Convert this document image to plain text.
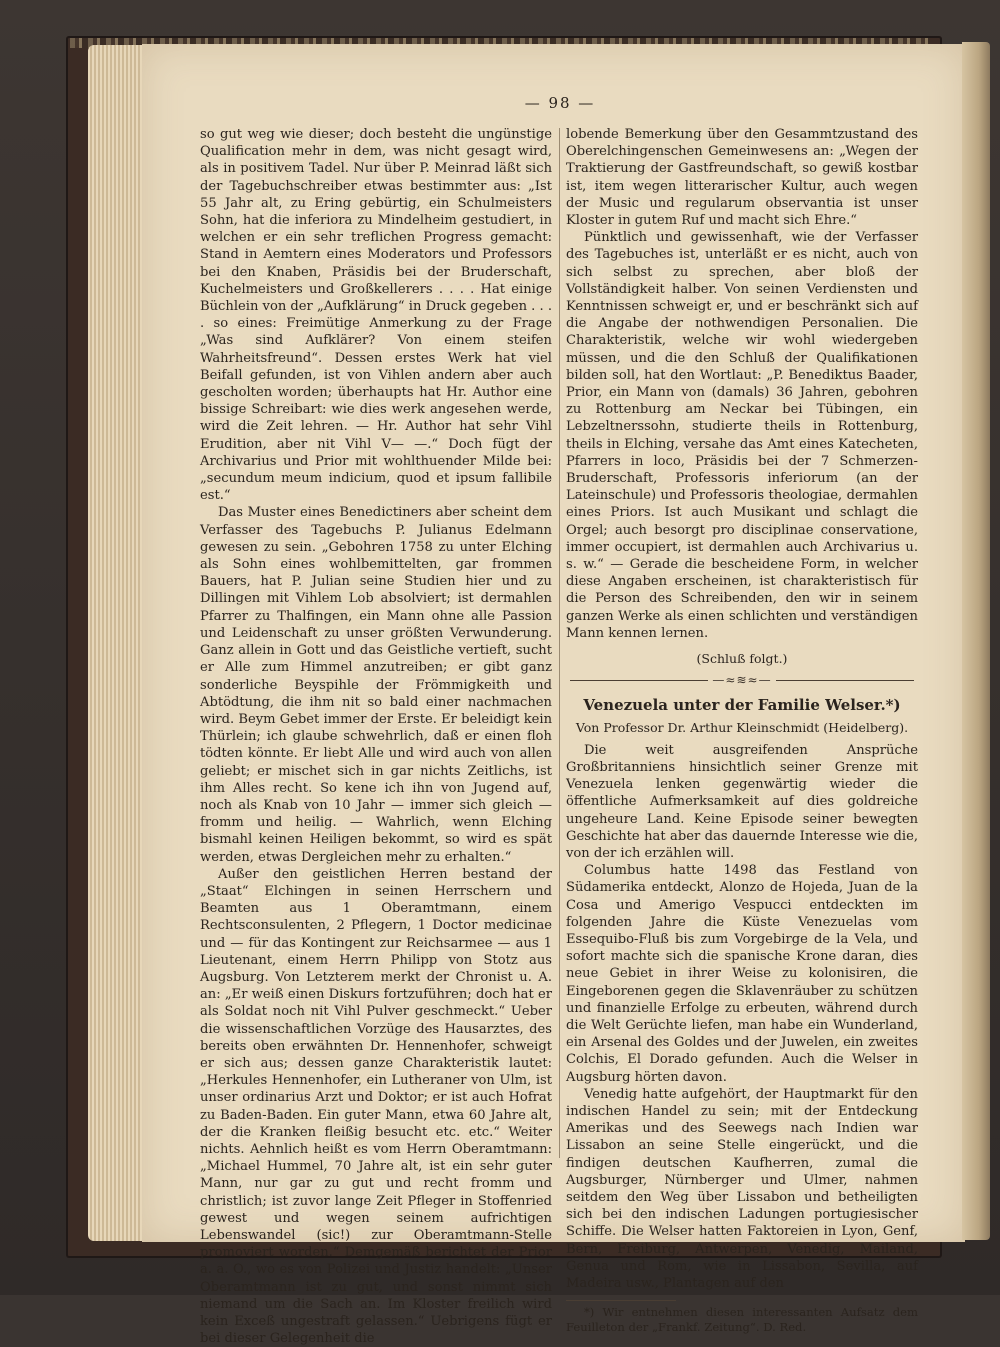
— 98 —

so gut weg wie dieser; doch besteht die ungünstige Qualification mehr in dem, was nicht gesagt wird, als in positivem Tadel. Nur über P. Meinrad läßt sich der Tagebuchschreiber etwas bestimmter aus: „Ist 55 Jahr alt, zu Ering gebürtig, ein Schulmeisters Sohn, hat die inferiora zu Mindelheim gestudiert, in welchen er ein sehr treflichen Progress gemacht: Stand in Aemtern eines Moderators und Professors bei den Knaben, Präsidis bei der Bruderschaft, Kuchelmeisters und Großkellerers . . . . Hat einige Büchlein von der „Aufklärung“ in Druck gegeben . . . . so eines: Freimütige Anmerkung zu der Frage „Was sind Aufklärer? Von einem steifen Wahrheitsfreund“. Dessen erstes Werk hat viel Beifall gefunden, ist von Vihlen andern aber auch gescholten worden; überhaupts hat Hr. Author eine bissige Schreibart: wie dies werk angesehen werde, wird die Zeit lehren. — Hr. Author hat sehr Vihl Erudition, aber nit Vihl V— —.“ Doch fügt der Archivarius und Prior mit wohlthuender Milde bei: „secundum meum indicium, quod et ipsum fallibile est.“

Das Muster eines Benedictiners aber scheint dem Verfasser des Tagebuchs P. Julianus Edelmann gewesen zu sein. „Gebohren 1758 zu unter Elching als Sohn eines wohlbemittelten, gar frommen Bauers, hat P. Julian seine Studien hier und zu Dillingen mit Vihlem Lob absolviert; ist dermahlen Pfarrer zu Thalfingen, ein Mann ohne alle Passion und Leidenschaft zu unser größten Verwunderung. Ganz allein in Gott und das Geistliche vertieft, sucht er Alle zum Himmel anzutreiben; er gibt ganz sonderliche Beyspihle der Frömmigkeith und Abtödtung, die ihm nit so bald einer nachmachen wird. Beym Gebet immer der Erste. Er beleidigt kein Thürlein; ich glaube schwehrlich, daß er einen floh tödten könnte. Er liebt Alle und wird auch von allen geliebt; er mischet sich in gar nichts Zeitlichs, ist ihm Alles recht. So kene ich ihn von Jugend auf, noch als Knab von 10 Jahr — immer sich gleich — fromm und heilig. — Wahrlich, wenn Elching bismahl keinen Heiligen bekommt, so wird es spät werden, etwas Dergleichen mehr zu erhalten.“

Außer den geistlichen Herren bestand der „Staat“ Elchingen in seinen Herrschern und Beamten aus 1 Oberamtmann, einem Rechtsconsulenten, 2 Pflegern, 1 Doctor medicinae und — für das Kontingent zur Reichsarmee — aus 1 Lieutenant, einem Herrn Philipp von Stotz aus Augsburg. Von Letzterem merkt der Chronist u. A. an: „Er weiß einen Diskurs fortzuführen; doch hat er als Soldat noch nit Vihl Pulver geschmeckt.“ Ueber die wissenschaftlichen Vorzüge des Hausarztes, des bereits oben erwähnten Dr. Hennenhofer, schweigt er sich aus; dessen ganze Charakteristik lautet: „Herkules Hennenhofer, ein Lutheraner von Ulm, ist unser ordinarius Arzt und Doktor; er ist auch Hofrat zu Baden-Baden. Ein guter Mann, etwa 60 Jahre alt, der die Kranken fleißig besucht etc. etc.“ Weiter nichts. Aehnlich heißt es vom Herrn Oberamtmann: „Michael Hummel, 70 Jahre alt, ist ein sehr guter Mann, nur gar zu gut und recht fromm und christlich; ist zuvor lange Zeit Pfleger in Stoffenried gewest und wegen seinem aufrichtigen Lebenswandel (sic!) zur Oberamtmann-Stelle promoviert worden.“ Demgemäß berichtet der Prior a. a. O., wo es von Polizei und Justiz handelt: „Unser Oberamtmann ist zu gut, und sonst nimmt sich niemand um die Sach an. Im Kloster freilich wird kein Exceß ungestraft gelassen.“ Uebrigens fügt er bei dieser Gelegenheit die

lobende Bemerkung über den Gesammtzustand des Oberelchingenschen Gemeinwesens an: „Wegen der Traktierung der Gastfreundschaft, so gewiß kostbar ist, item wegen litterarischer Kultur, auch wegen der Music und regularum observantia ist unser Kloster in gutem Ruf und macht sich Ehre.“

Pünktlich und gewissenhaft, wie der Verfasser des Tagebuches ist, unterläßt er es nicht, auch von sich selbst zu sprechen, aber bloß der Vollständigkeit halber. Von seinen Verdiensten und Kenntnissen schweigt er, und er beschränkt sich auf die Angabe der nothwendigen Personalien. Die Charakteristik, welche wir wohl wiedergeben müssen, und die den Schluß der Qualifikationen bilden soll, hat den Wortlaut: „P. Benediktus Baader, Prior, ein Mann von (damals) 36 Jahren, gebohren zu Rottenburg am Neckar bei Tübingen, ein Lebzeltnerssohn, studierte theils in Rottenburg, theils in Elching, versahe das Amt eines Katecheten, Pfarrers in loco, Präsidis bei der 7 Schmerzen-Bruderschaft, Professoris inferiorum (an der Lateinschule) und Professoris theologiae, dermahlen eines Priors. Ist auch Musikant und schlagt die Orgel; auch besorgt pro disciplinae conservatione, immer occupiert, ist dermahlen auch Archivarius u. s. w.“ — Gerade die bescheidene Form, in welcher diese Angaben erscheinen, ist charakteristisch für die Person des Schreibenden, den wir in seinem ganzen Werke als einen schlichten und verständigen Mann kennen lernen.

(Schluß folgt.)
—≈≋≈—
Venezuela unter der Familie Welser.*)
Von Professor Dr. Arthur Kleinschmidt (Heidelberg).

Die weit ausgreifenden Ansprüche Großbritanniens hinsichtlich seiner Grenze mit Venezuela lenken gegenwärtig wieder die öffentliche Aufmerksamkeit auf dies goldreiche ungeheure Land. Keine Episode seiner bewegten Geschichte hat aber das dauernde Interesse wie die, von der ich erzählen will.

Columbus hatte 1498 das Festland von Südamerika entdeckt, Alonzo de Hojeda, Juan de la Cosa und Amerigo Vespucci entdeckten im folgenden Jahre die Küste Venezuelas vom Essequibo-Fluß bis zum Vorgebirge de la Vela, und sofort machte sich die spanische Krone daran, dies neue Gebiet in ihrer Weise zu kolonisiren, die Eingeborenen gegen die Sklavenräuber zu schützen und finanzielle Erfolge zu erbeuten, während durch die Welt Gerüchte liefen, man habe ein Wunderland, ein Arsenal des Goldes und der Juwelen, ein zweites Colchis, El Dorado gefunden. Auch die Welser in Augsburg hörten davon.

Venedig hatte aufgehört, der Hauptmarkt für den indischen Handel zu sein; mit der Entdeckung Amerikas und des Seewegs nach Indien war Lissabon an seine Stelle eingerückt, und die findigen deutschen Kaufherren, zumal die Augsburger, Nürnberger und Ulmer, nahmen seitdem den Weg über Lissabon und betheiligten sich bei den indischen Ladungen portugiesischer Schiffe. Die Welser hatten Faktoreien in Lyon, Genf, Bern, Freiburg, Antwerpen, Venedig, Mailand, Genua und Rom, wie in Lissabon, Sevilla, auf Madeira usw., Plantagen auf den

*) Wir entnehmen diesen interessanten Aufsatz dem Feuilleton der „Frankf. Zeitung“. D. Red.
